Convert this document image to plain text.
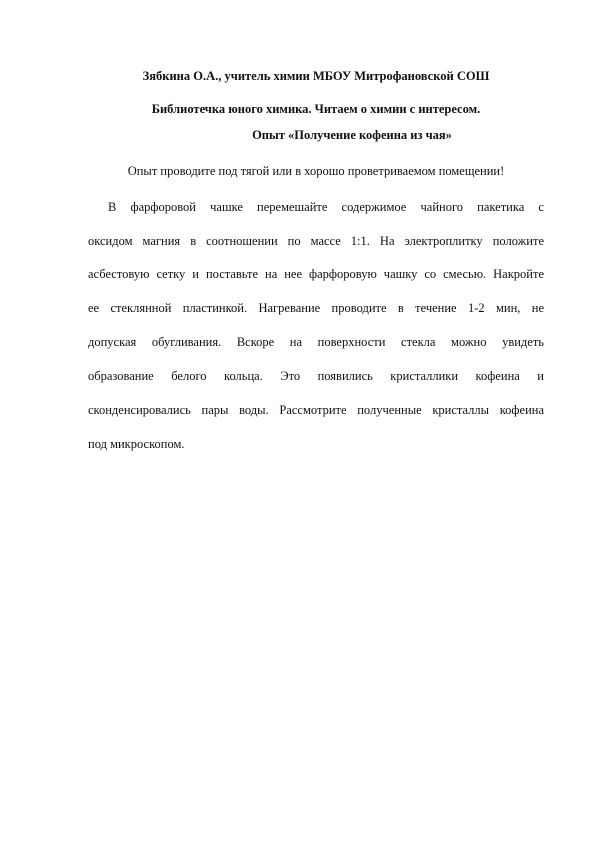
Зябкина О.А., учитель химии МБОУ Митрофановской СОШ
Библиотечка юного химика. Читаем о химии с интересом.
Опыт «Получение кофеина из чая»
Опыт проводите под тягой или в хорошо проветриваемом помещении!
В фарфоровой чашке перемешайте содержимое чайного пакетика с
оксидом магния в соотношении по массе 1:1. На электроплитку положите
асбестовую сетку и поставьте на нее фарфоровую чашку со смесью. Накройте
ее стеклянной пластинкой. Нагревание проводите в течение 1-2 мин, не
допуская обугливания. Вскоре на поверхности стекла можно увидеть
образование белого кольца. Это появились кристаллики кофеина и
сконденсировались пары воды. Рассмотрите полученные кристаллы кофеина
под микроскопом.
